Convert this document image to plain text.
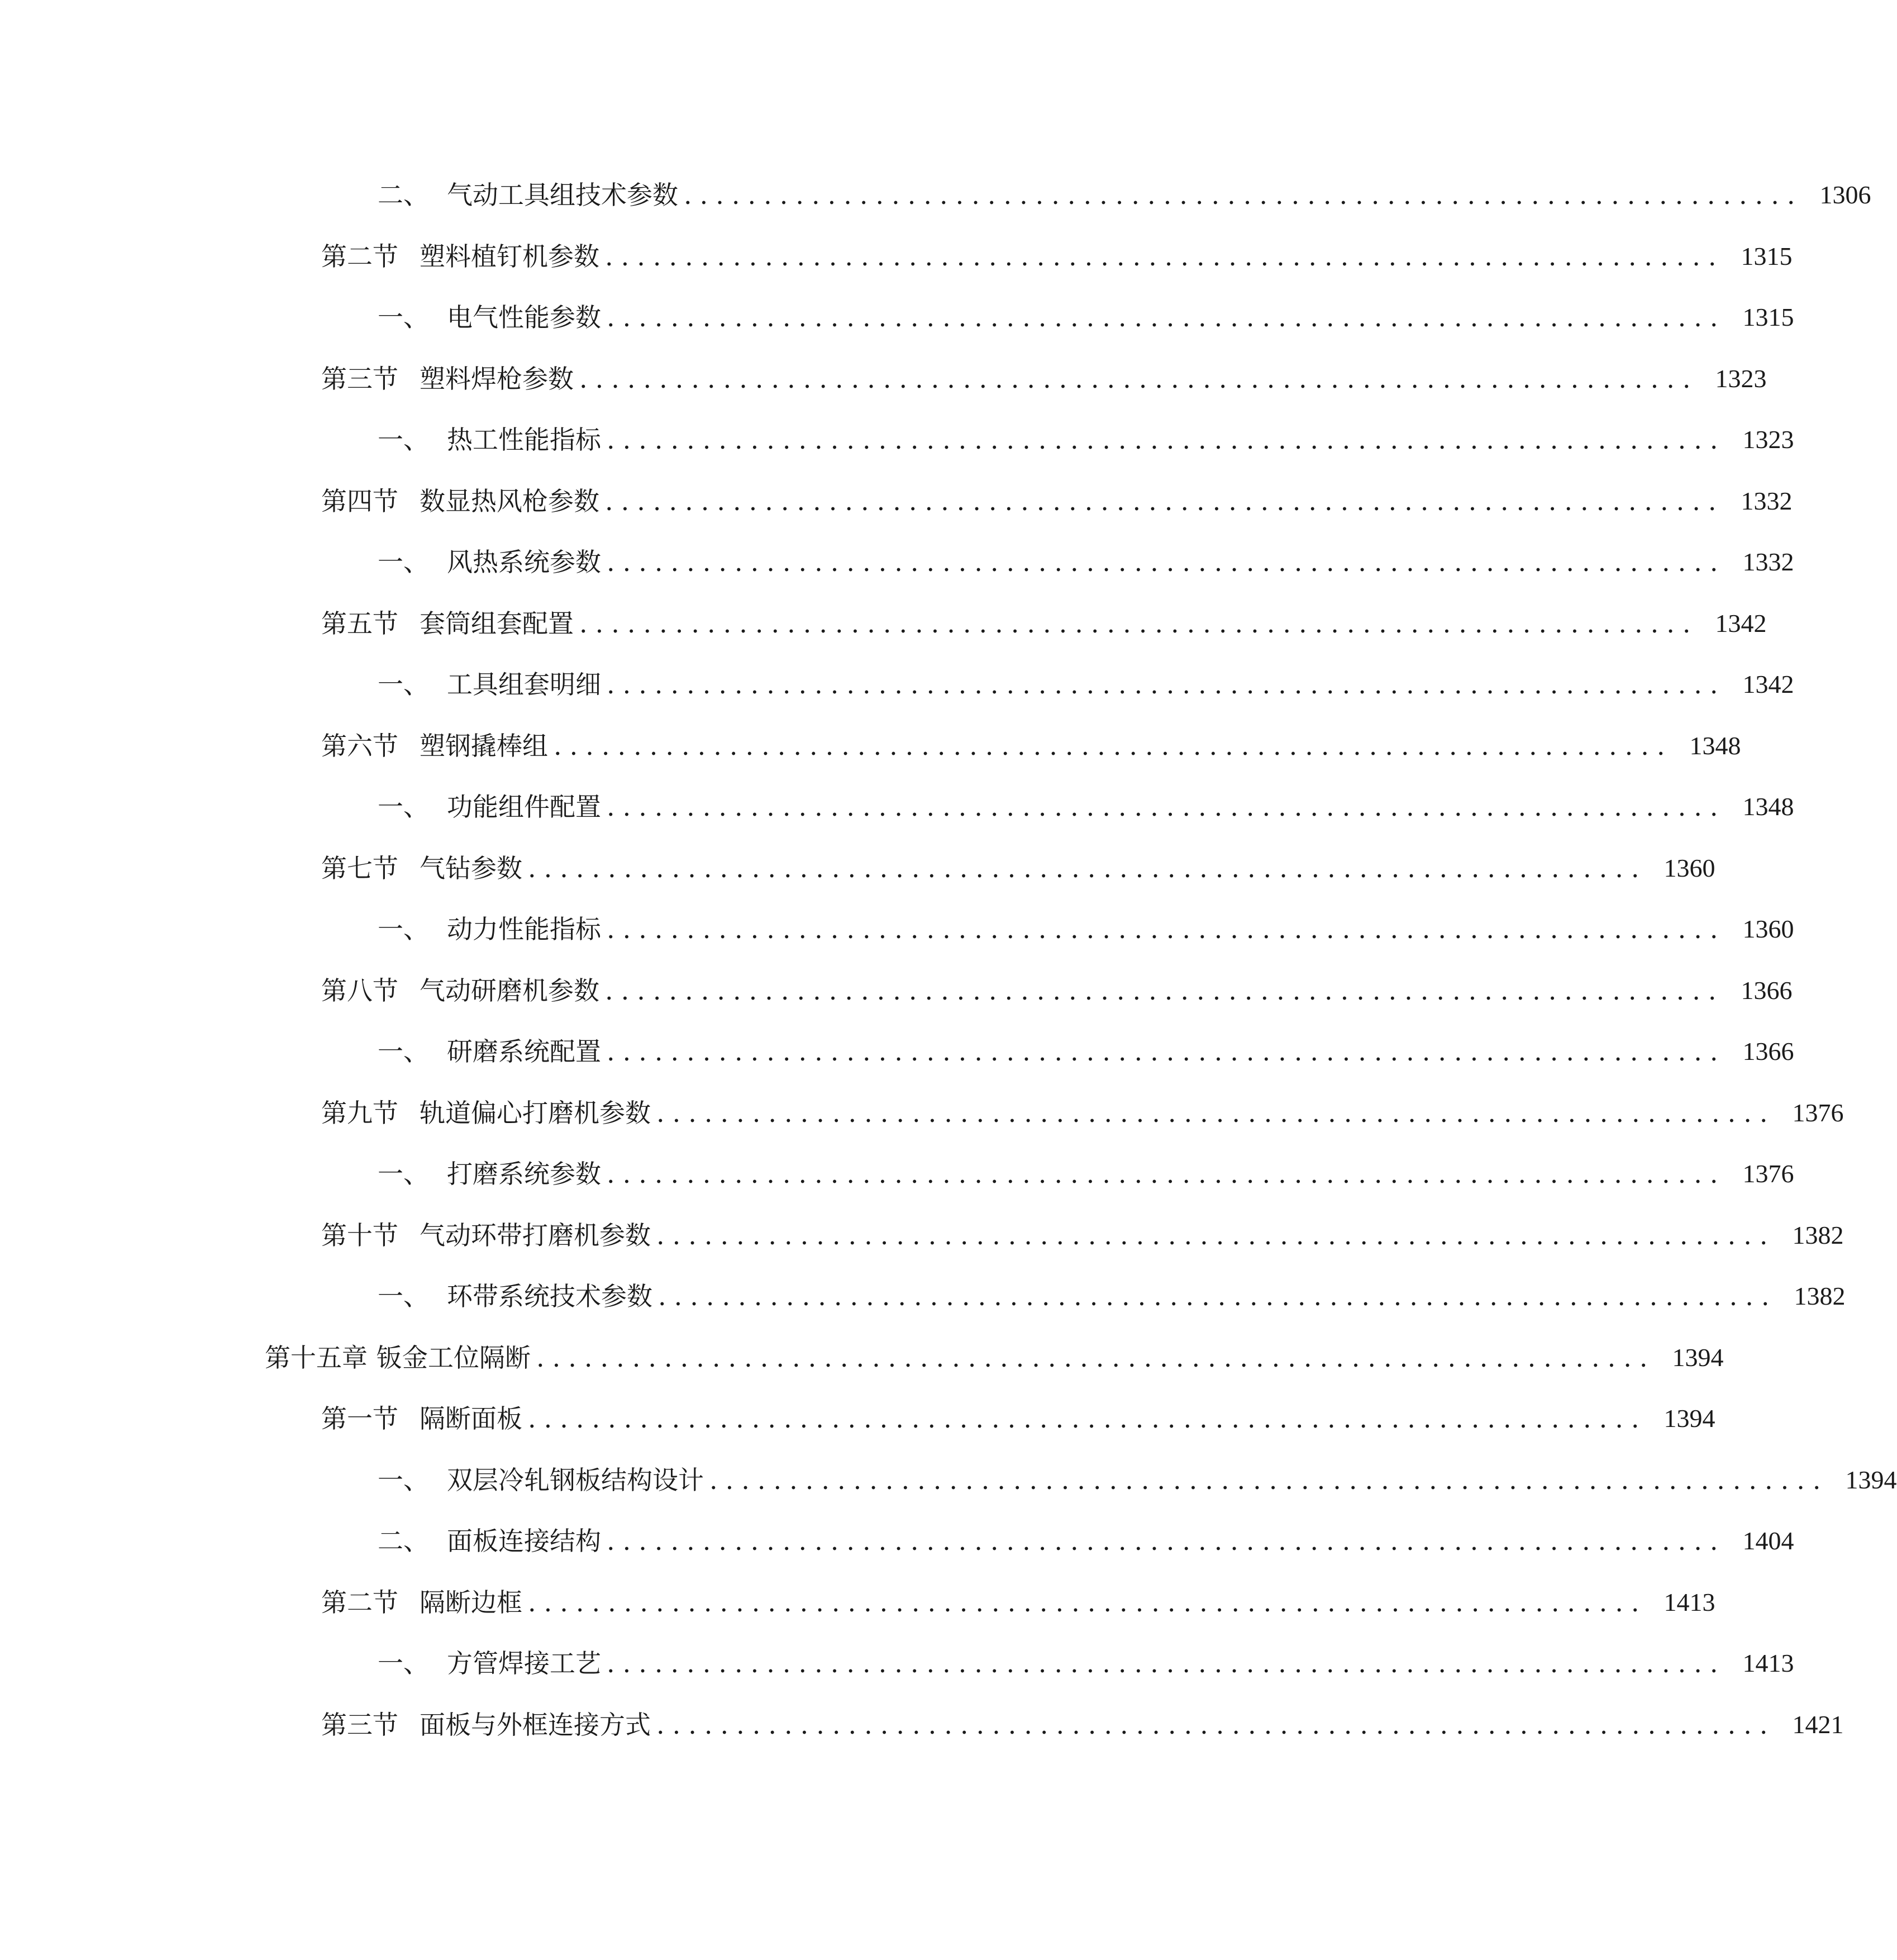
二、 气动工具组技术参数 ...................................................................... 1306
第二节 塑料植钉机参数 ...................................................................... 1315
一、 电气性能参数 ...................................................................... 1315
第三节 塑料焊枪参数 ...................................................................... 1323
一、 热工性能指标 ...................................................................... 1323
第四节 数显热风枪参数 ...................................................................... 1332
一、 风热系统参数 ...................................................................... 1332
第五节 套筒组套配置 ...................................................................... 1342
一、 工具组套明细 ...................................................................... 1342
第六节 塑钢撬棒组 ...................................................................... 1348
一、 功能组件配置 ...................................................................... 1348
第七节 气钻参数 ...................................................................... 1360
一、 动力性能指标 ...................................................................... 1360
第八节 气动研磨机参数 ...................................................................... 1366
一、 研磨系统配置 ...................................................................... 1366
第九节 轨道偏心打磨机参数 ...................................................................... 1376
一、 打磨系统参数 ...................................................................... 1376
第十节 气动环带打磨机参数 ...................................................................... 1382
一、 环带系统技术参数 ...................................................................... 1382
第十五章 钣金工位隔断 ...................................................................... 1394
第一节 隔断面板 ...................................................................... 1394
一、 双层冷轧钢板结构设计 ...................................................................... 1394
二、 面板连接结构 ...................................................................... 1404
第二节 隔断边框 ...................................................................... 1413
一、 方管焊接工艺 ...................................................................... 1413
第三节 面板与外框连接方式 ...................................................................... 1421
